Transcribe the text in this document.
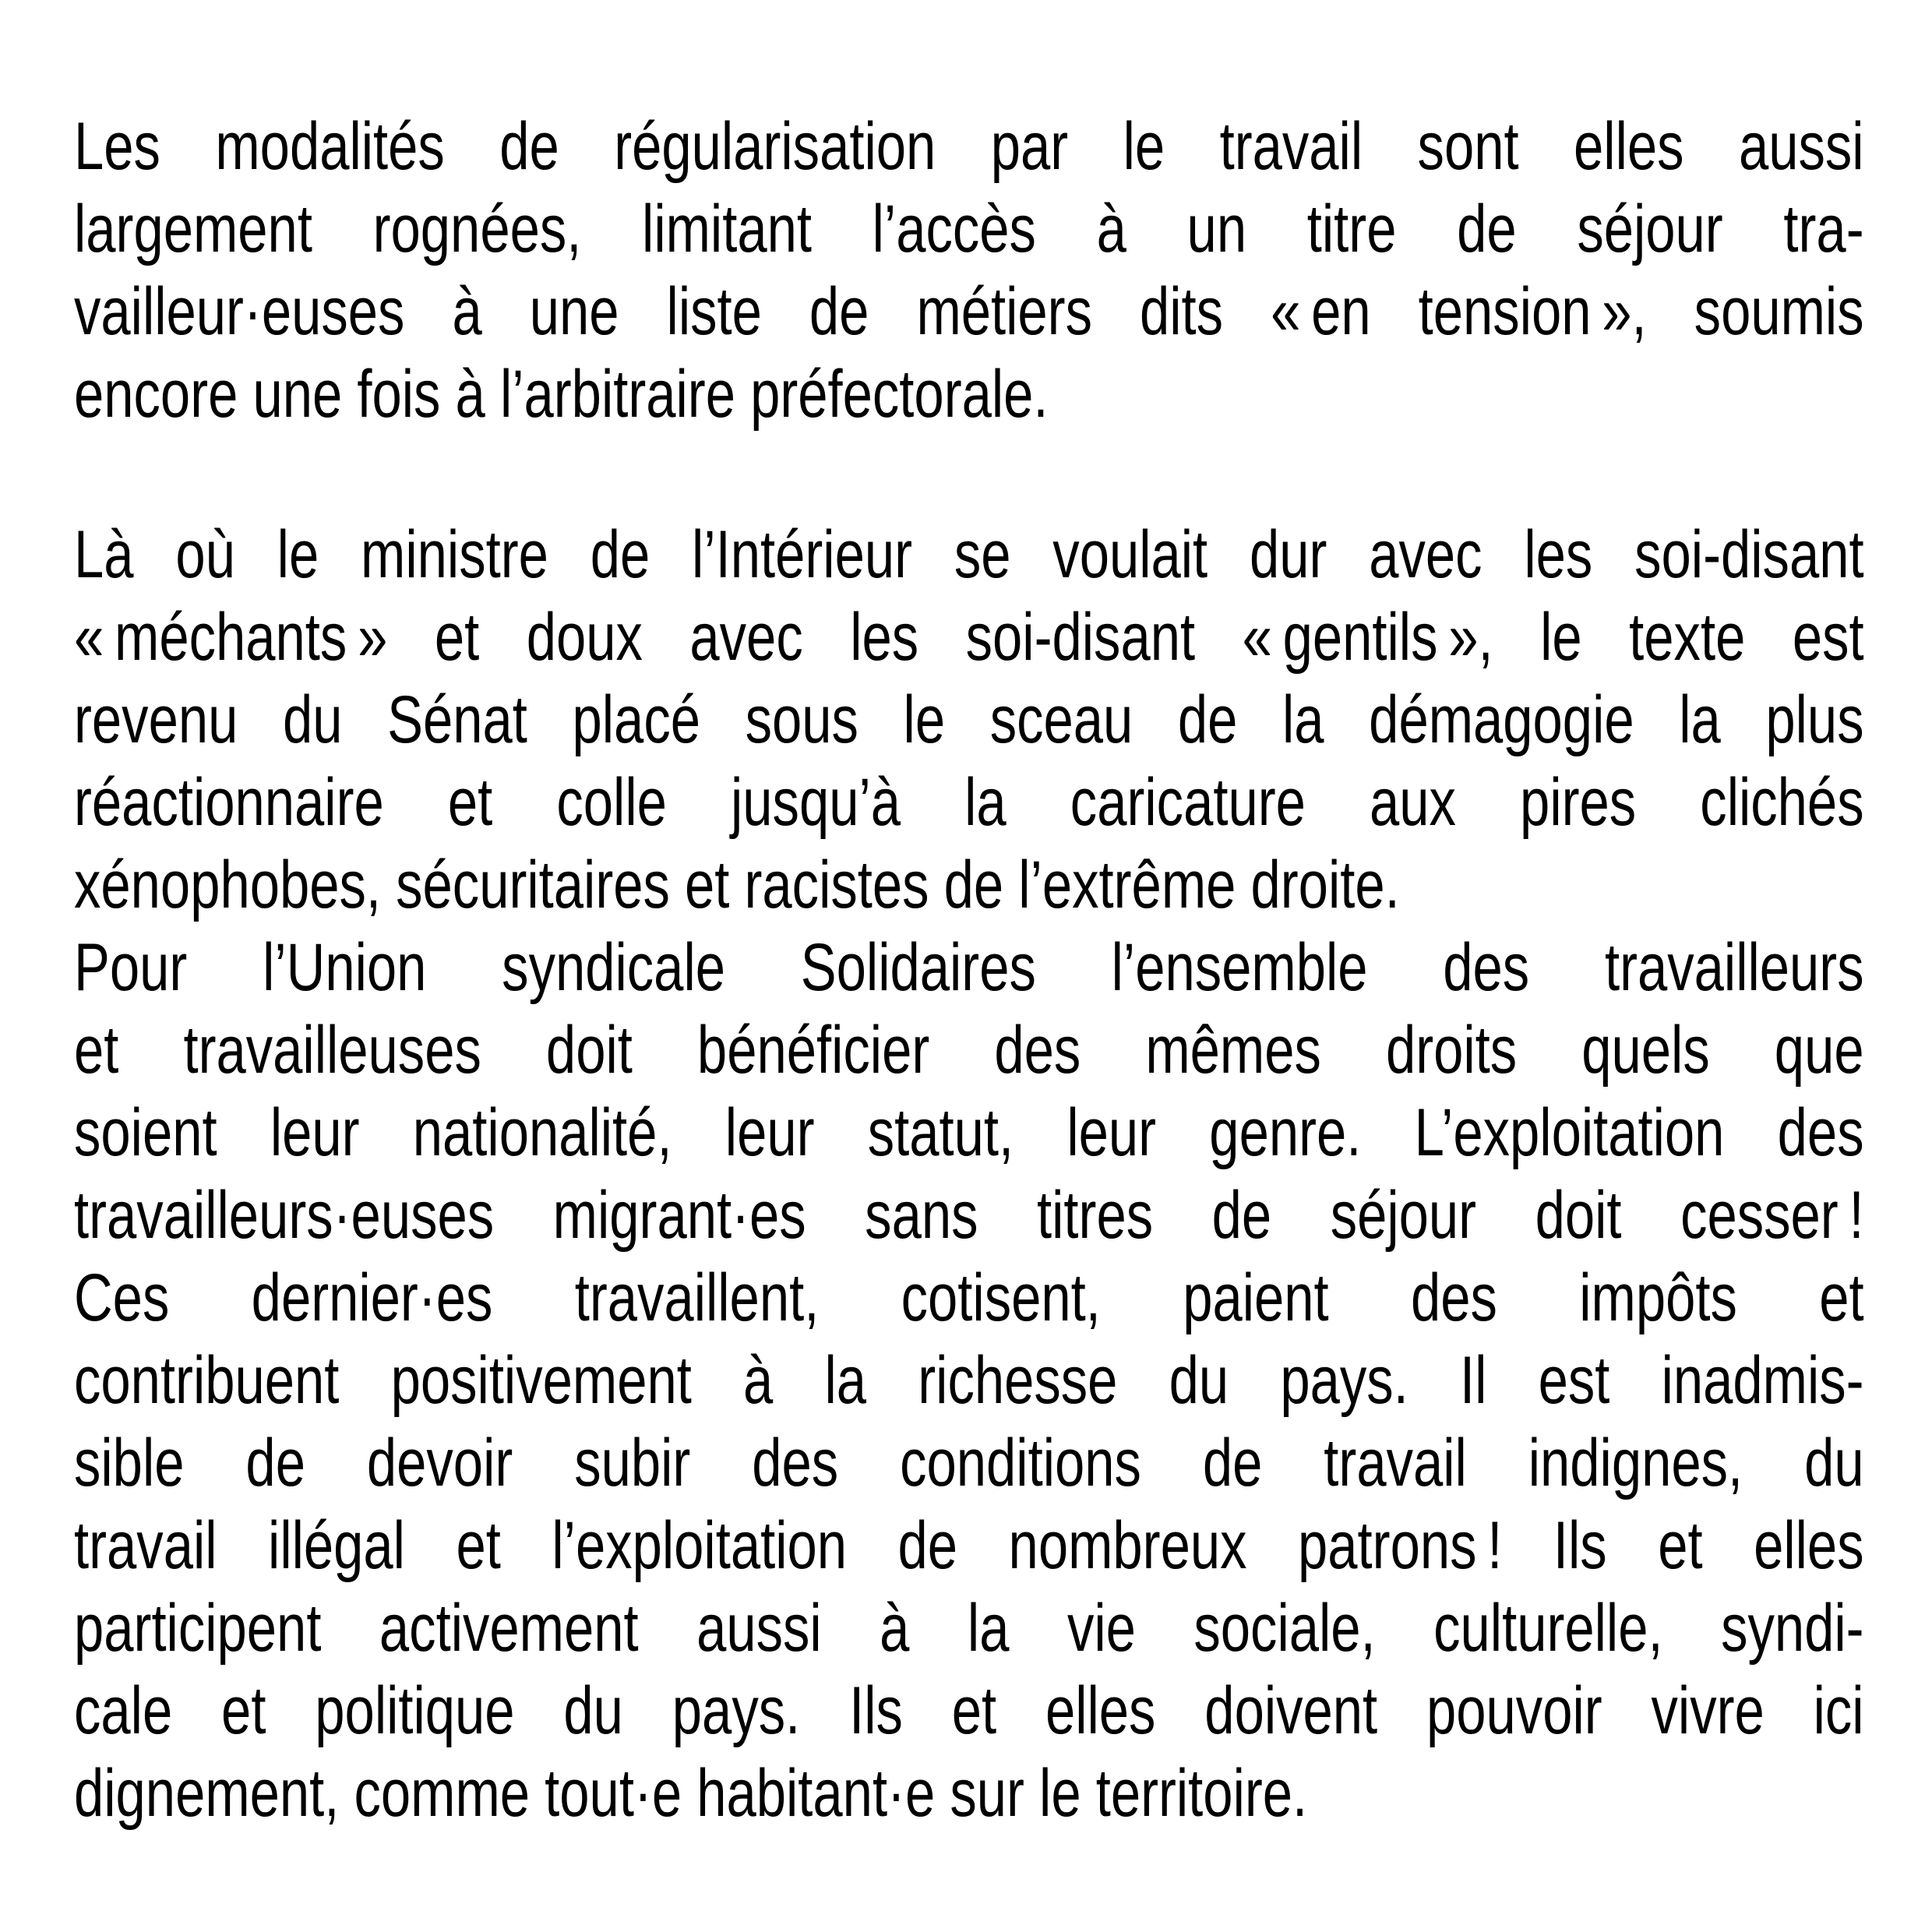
Les modalités de régularisation par le travail sont elles aussi
largement rognées, limitant l’accès à un titre de séjour tra-
vailleur·euses à une liste de métiers dits « en tension », soumis
encore une fois à l’arbitraire préfectorale.
Là où le ministre de l’Intérieur se voulait dur avec les soi-disant
« méchants » et doux avec les soi-disant « gentils », le texte est
revenu du Sénat placé sous le sceau de la démagogie la plus
réactionnaire et colle jusqu’à la caricature aux pires clichés
xénophobes, sécuritaires et racistes de l’extrême droite.
Pour l’Union syndicale Solidaires l’ensemble des travailleurs
et travailleuses doit bénéficier des mêmes droits quels que
soient leur nationalité, leur statut, leur genre. L’exploitation des
travailleurs·euses migrant·es sans titres de séjour doit cesser !
Ces dernier·es travaillent, cotisent, paient des impôts et
contribuent positivement à la richesse du pays. Il est inadmis-
sible de devoir subir des conditions de travail indignes, du
travail illégal et l’exploitation de nombreux patrons ! Ils et elles
participent activement aussi à la vie sociale, culturelle, syndi-
cale et politique du pays. Ils et elles doivent pouvoir vivre ici
dignement, comme tout·e habitant·e sur le territoire.
